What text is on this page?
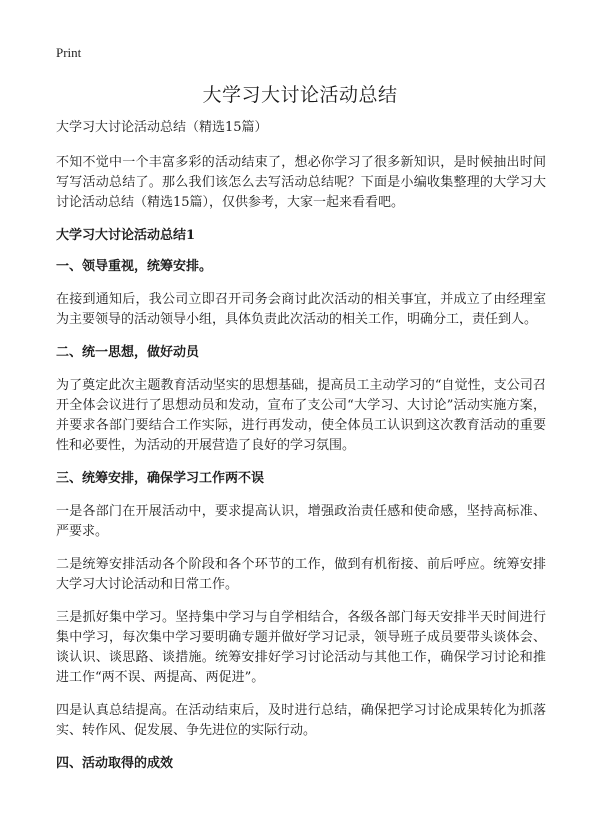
Print
大学习大讨论活动总结

大学习大讨论活动总结（精选15篇）

不知不觉中一个丰富多彩的活动结束了，想必你学习了很多新知识，是时候抽出时间写写活动总结了。那么我们该怎么去写活动总结呢？下面是小编收集整理的大学习大讨论活动总结（精选15篇），仅供参考，大家一起来看看吧。

大学习大讨论活动总结1

一、领导重视，统筹安排。

在接到通知后，我公司立即召开司务会商讨此次活动的相关事宜，并成立了由经理室为主要领导的活动领导小组，具体负责此次活动的相关工作，明确分工，责任到人。

二、统一思想，做好动员

为了奠定此次主题教育活动坚实的思想基础，提高员工主动学习的“自觉性，支公司召开全体会议进行了思想动员和发动，宣布了支公司“大学习、大讨论”活动实施方案，并要求各部门要结合工作实际，进行再发动，使全体员工认识到这次教育活动的重要性和必要性，为活动的开展营造了良好的学习氛围。

三、统筹安排，确保学习工作两不误

一是各部门在开展活动中，要求提高认识，增强政治责任感和使命感，坚持高标准、严要求。

二是统筹安排活动各个阶段和各个环节的工作，做到有机衔接、前后呼应。统筹安排大学习大讨论活动和日常工作。

三是抓好集中学习。坚持集中学习与自学相结合，各级各部门每天安排半天时间进行集中学习，每次集中学习要明确专题并做好学习记录，领导班子成员要带头谈体会、谈认识、谈思路、谈措施。统筹安排好学习讨论活动与其他工作，确保学习讨论和推进工作“两不误、两提高、两促进”。

四是认真总结提高。在活动结束后，及时进行总结，确保把学习讨论成果转化为抓落实、转作风、促发展、争先进位的实际行动。

四、活动取得的成效
